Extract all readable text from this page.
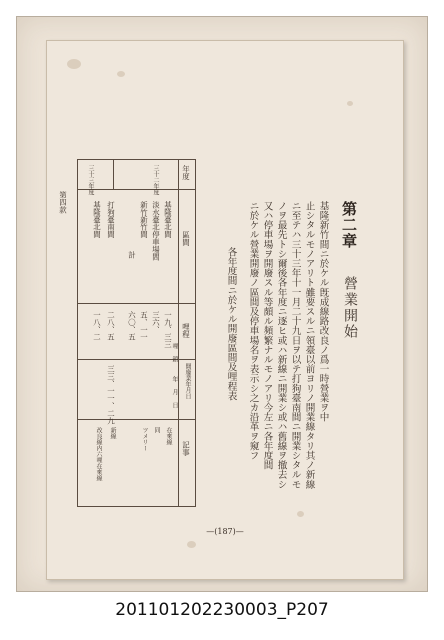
第二章
營業開始
基隆新竹間ニ於ケル旣成線路改良ノ爲一時營業ヲ中
止シタルモノアリト雖要スルニ領臺以前ヨリノ開業線タリ其ノ新線
ニ至テハ三十三年十一月二十九日ヲ以テ打狗臺南間ニ開業シタルモ
ノヲ最先トシ爾後各年度ニ逐ヒ或ハ新線ニ開業シ或ハ舊線ヲ撤去シ
又ハ停車場ヲ開廢スル等頗ル頻繁ナルモノアリ今左ニ各年度間
ニ於ケル營業開廢ノ區間及停車場名ヲ表示シ之カ沿革ヲ窺フ
各年度間ニ於ケル開廢區間及哩程表
年度
區間
哩程
哩 鎖
開廢業年月日
年 月 日
記事
三十二年度
三十三年度
基隆臺北間
淡水臺北停車場間
新竹新竹間
計
一九、三三
三六、
五、一一
六〇、五
在來線
同
ツメリー
打狗臺南間
基隆臺北間
二八、五
一八、二
三三、一一、二九
新線
改良線内六哩在來線
第四款
—(187)—
20110120223​0003_P207
